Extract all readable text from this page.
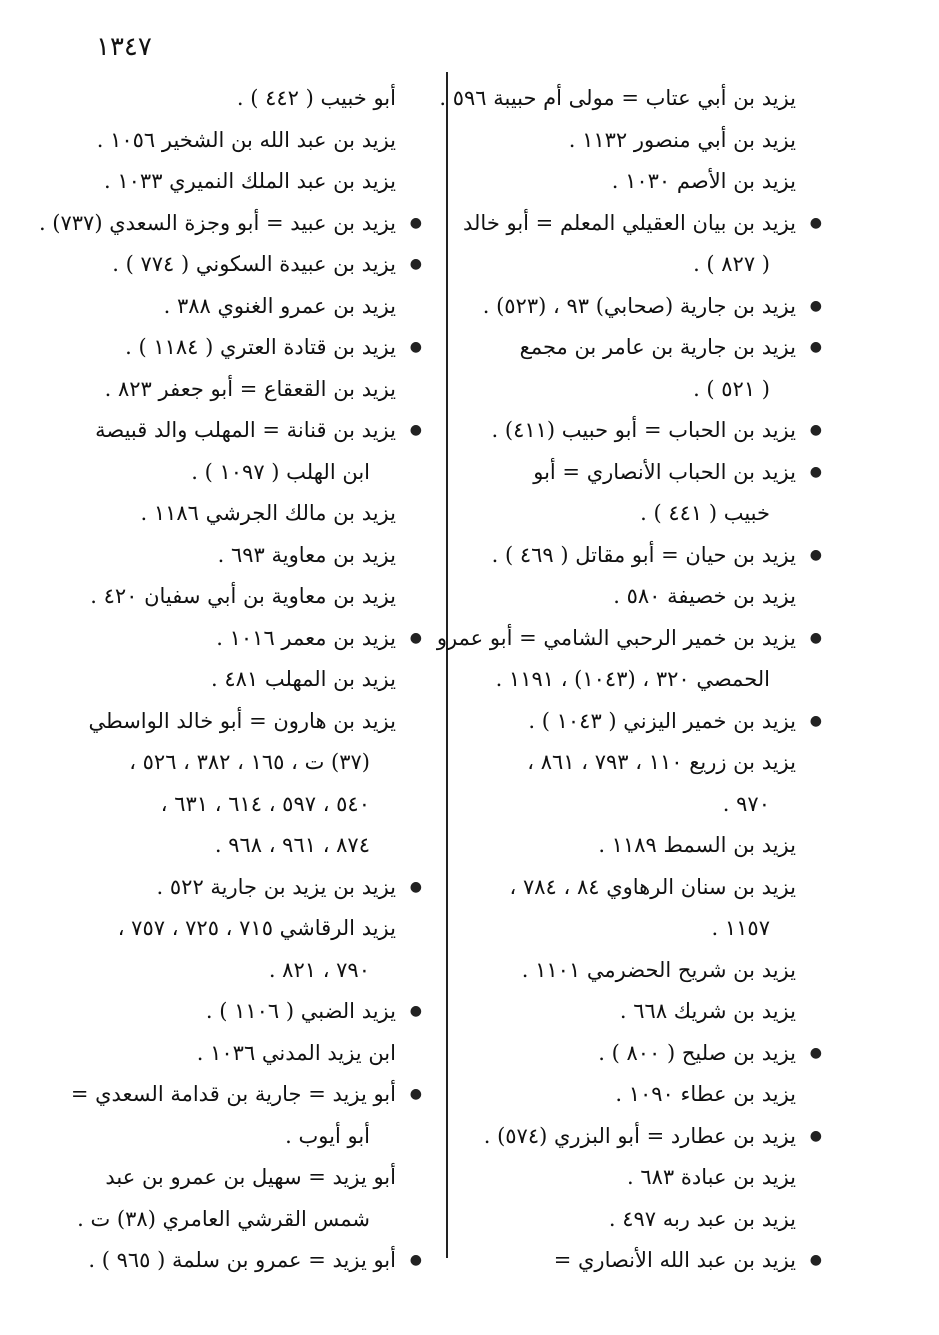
١٣٤٧
يزيد بن أبي عتاب = مولى أم حبيبة ٥٩٦ .
يزيد بن أبي منصور ١١٣٢ .
يزيد بن الأصم ١٠٣٠ .
●
يزيد بن بيان العقيلي المعلم = أبو خالد
( ٨٢٧ ) .
●
يزيد بن جارية (صحابي) ٩٣ ، (٥٢٣) .
●
يزيد بن جارية بن عامر بن مجمع
( ٥٢١ ) .
●
يزيد بن الحباب = أبو حبيب (٤١١) .
●
يزيد بن الحباب الأنصاري = أبو
خبيب ( ٤٤١ ) .
●
يزيد بن حيان = أبو مقاتل ( ٤٦٩ ) .
يزيد بن خصيفة ٥٨٠ .
●
يزيد بن خمير الرحبي الشامي = أبو عمرو
الحمصي ٣٢٠ ، (١٠٤٣) ، ١١٩١ .
●
يزيد بن خمير اليزني ( ١٠٤٣ ) .
يزيد بن زريع ١١٠ ، ٧٩٣ ، ٨٦١ ،
٩٧٠ .
يزيد بن السمط ١١٨٩ .
يزيد بن سنان الرهاوي ٨٤ ، ٧٨٤ ،
١١٥٧ .
يزيد بن شريح الحضرمي ١١٠١ .
يزيد بن شريك ٦٦٨ .
●
يزيد بن صليح ( ٨٠٠ ) .
يزيد بن عطاء ١٠٩٠ .
●
يزيد بن عطارد = أبو البزري (٥٧٤) .
يزيد بن عبادة ٦٨٣ .
يزيد بن عبد ربه ٤٩٧ .
●
يزيد بن عبد الله الأنصاري =
أبو خبيب ( ٤٤٢ ) .
يزيد بن عبد الله بن الشخير ١٠٥٦ .
يزيد بن عبد الملك النميري ١٠٣٣ .
●
يزيد بن عبيد = أبو وجزة السعدي (٧٣٧) .
●
يزيد بن عبيدة السكوني ( ٧٧٤ ) .
يزيد بن عمرو الغنوي ٣٨٨ .
●
يزيد بن قتادة العتري ( ١١٨٤ ) .
يزيد بن القعقاع = أبو جعفر ٨٢٣ .
●
يزيد بن قنانة = المهلب والد قبيصة
ابن الهلب ( ١٠٩٧ ) .
يزيد بن مالك الجرشي ١١٨٦ .
يزيد بن معاوية ٦٩٣ .
يزيد بن معاوية بن أبي سفيان ٤٢٠ .
●
يزيد بن معمر ١٠١٦ .
يزيد بن المهلب ٤٨١ .
يزيد بن هارون = أبو خالد الواسطي
(٣٧) ت ، ١٦٥ ، ٣٨٢ ، ٥٢٦ ،
٥٤٠ ، ٥٩٧ ، ٦١٤ ، ٦٣١ ،
٨٧٤ ، ٩٦١ ، ٩٦٨ .
●
يزيد بن يزيد بن جارية ٥٢٢ .
يزيد الرقاشي ٧١٥ ، ٧٢٥ ، ٧٥٧ ،
٧٩٠ ، ٨٢١ .
●
يزيد الضبي ( ١١٠٦ ) .
ابن يزيد المدني ١٠٣٦ .
●
أبو يزيد = جارية بن قدامة السعدي =
أبو أيوب .
أبو يزيد = سهيل بن عمرو بن عبد
شمس القرشي العامري (٣٨) ت .
●
أبو يزيد = عمرو بن سلمة ( ٩٦٥ ) .
